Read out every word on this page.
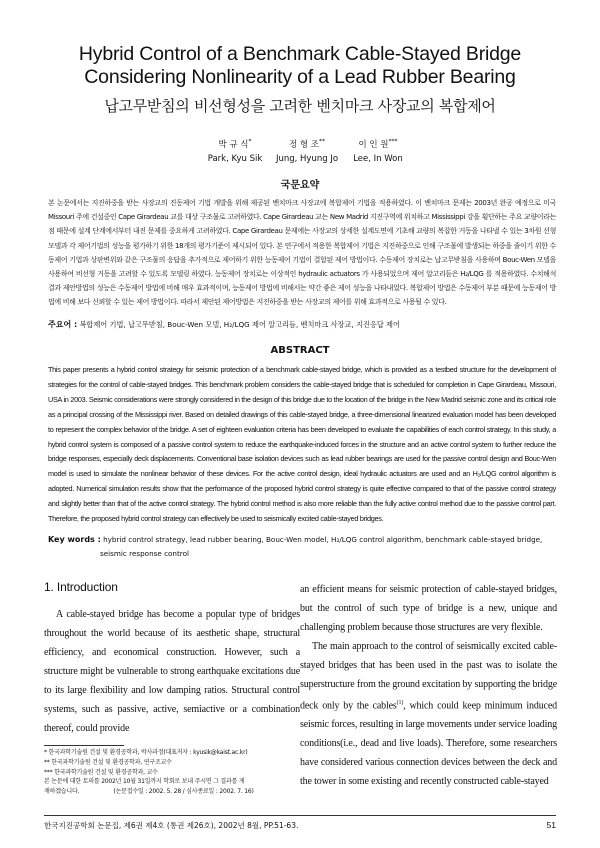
Hybrid Control of a Benchmark Cable-Stayed Bridge
Considering Nonlinearity of a Lead Rubber Bearing
납고무받침의 비선형성을 고려한 벤치마크 사장교의 복합제어
박 규 식*
Park, Kyu Sik
정 형 조**
Jung, Hyung Jo
이 인 원***
Lee, In Won
국문요약

본 논문에서는 지진하중을 받는 사장교의 진동제어 기법 개발을 위해 제공된 벤치마크 사장교에 복합제어 기법을 적용하였다. 이 벤치마크 문제는 2003년 완공 예정으로 미국 Missouri 주에 건설중인 Cape Girardeau 교를 대상 구조물로 고려하였다. Cape Girardeau 교는 New Madrid 지진구역에 위치하고 Mississippi 강을 횡단하는 주요 교량이라는 점 때문에 설계 단계에서부터 내진 문제를 중요하게 고려하였다. Cape Girardeau 문제에는 사장교의 상세한 설계도면에 기초해 교량의 복잡한 거동을 나타낼 수 있는 3차원 선형모델과 각 제어기법의 성능을 평가하기 위한 18개의 평가기준이 제시되어 있다. 본 연구에서 적용한 복합제어 기법은 지진하중으로 인해 구조물에 발생되는 하중을 줄이기 위한 수동제어 기법과 상판변위와 같은 구조물의 응답을 추가적으로 제어하기 위한 능동제어 기법이 결합된 제어 방법이다. 수동제어 장치로는 납고무받침을 사용하며 Bouc-Wen 모델을 사용하여 비선형 거동을 고려할 수 있도록 모델링 하였다. 능동제어 장치로는 이상적인 hydraulic actuators 가 사용되었으며 제어 알고리듬은 H₂/LQG 를 적용하였다. 수치해석 결과 제안방법의 성능은 수동제어 방법에 비해 매우 효과적이며, 능동제어 방법에 비해서는 약간 좋은 제어 성능을 나타내었다. 복합제어 방법은 수동제어 부분 때문에 능동제어 방법에 비해 보다 신뢰할 수 있는 제어 방법이다. 따라서 제안된 제어방법은 지진하중을 받는 사장교의 제어를 위해 효과적으로 사용될 수 있다.

주요어 : 복합제어 기법, 납고무받침, Bouc-Wen 모델, H₂/LQG 제어 알고리듬, 벤치마크 사장교, 지진응답 제어
ABSTRACT

This paper presents a hybrid control strategy for seismic protection of a benchmark cable-stayed bridge, which is provided as a testbed structure for the development of strategies for the control of cable-stayed bridges. This benchmark problem considers the cable-stayed bridge that is scheduled for completion in Cape Girardeau, Missouri, USA in 2003. Seismic considerations were strongly considered in the design of this bridge due to the location of the bridge in the New Madrid seismic zone and its critical role as a principal crossing of the Mississippi river. Based on detailed drawings of this cable-stayed bridge, a three-dimensional linearized evaluation model has been developed to represent the complex behavior of the bridge. A set of eighteen evaluation criteria has been developed to evaluate the capabilities of each control strategy. In this study, a hybrid control system is composed of a passive control system to reduce the earthquake-induced forces in the structure and an active control system to further reduce the bridge responses, especially deck displacements. Conventional base isolation devices such as lead rubber bearings are used for the passive control design and Bouc-Wen model is used to simulate the nonlinear behavior of these devices. For the active control design, ideal hydraulic actuators are used and an H₂/LQG control algorithm is adopted. Numerical simulation results show that the performance of the proposed hybrid control strategy is quite effective compared to that of the passive control strategy and slightly better than that of the active control strategy. The hybrid control method is also more reliable than the fully active control method due to the passive control part. Therefore, the proposed hybrid control strategy can effectively be used to seismically excited cable-stayed bridges.

Key words : hybrid control strategy, lead rubber bearing, Bouc-Wen model, H₂/LQG control algorithm, benchmark cable-stayed bridge, seismic response control
1. Introduction

A cable-stayed bridge has become a popular type of bridges throughout the world because of its aesthetic shape, structural efficiency, and economical construction. However, such a structure might be vulnerable to strong earthquake excitations due to its large flexibility and low damping ratios. Structural control systems, such as passive, active, semiactive or a combination thereof, could provide

an efficient means for seismic protection of cable-stayed bridges, but the control of such type of bridge is a new, unique and challenging problem because those structures are very flexible.

The main approach to the control of seismically excited cable-stayed bridges that has been used in the past was to isolate the superstructure from the ground excitation by supporting the bridge deck only by the cables$^{(1)}$, which could keep minimum induced seismic forces, resulting in large movements under service loading conditions(i.e., dead and live loads). Therefore, some researchers have considered various connection devices between the deck and the tower in some existing and recently constructed cable-stayed

* 한국과학기술원 건설 및 환경공학과, 박사과정(대표저자 : kyusik@kaist.ac.kr)
** 한국과학기술원 건설 및 환경공학과, 연구조교수
*** 한국과학기술원 건설 및 환경공학과, 교수
본 논문에 대한 토의를 2002년 10월 31일까지 학회로 보내 주시면 그 결과를 게
재하겠습니다.                    (논문접수일 : 2002. 5. 28 / 심사종료일 : 2002. 7. 16)
한국지진공학회 논문집, 제6권 제4호 (통권 제26호), 2002년 8월, PP.51-63.	51
